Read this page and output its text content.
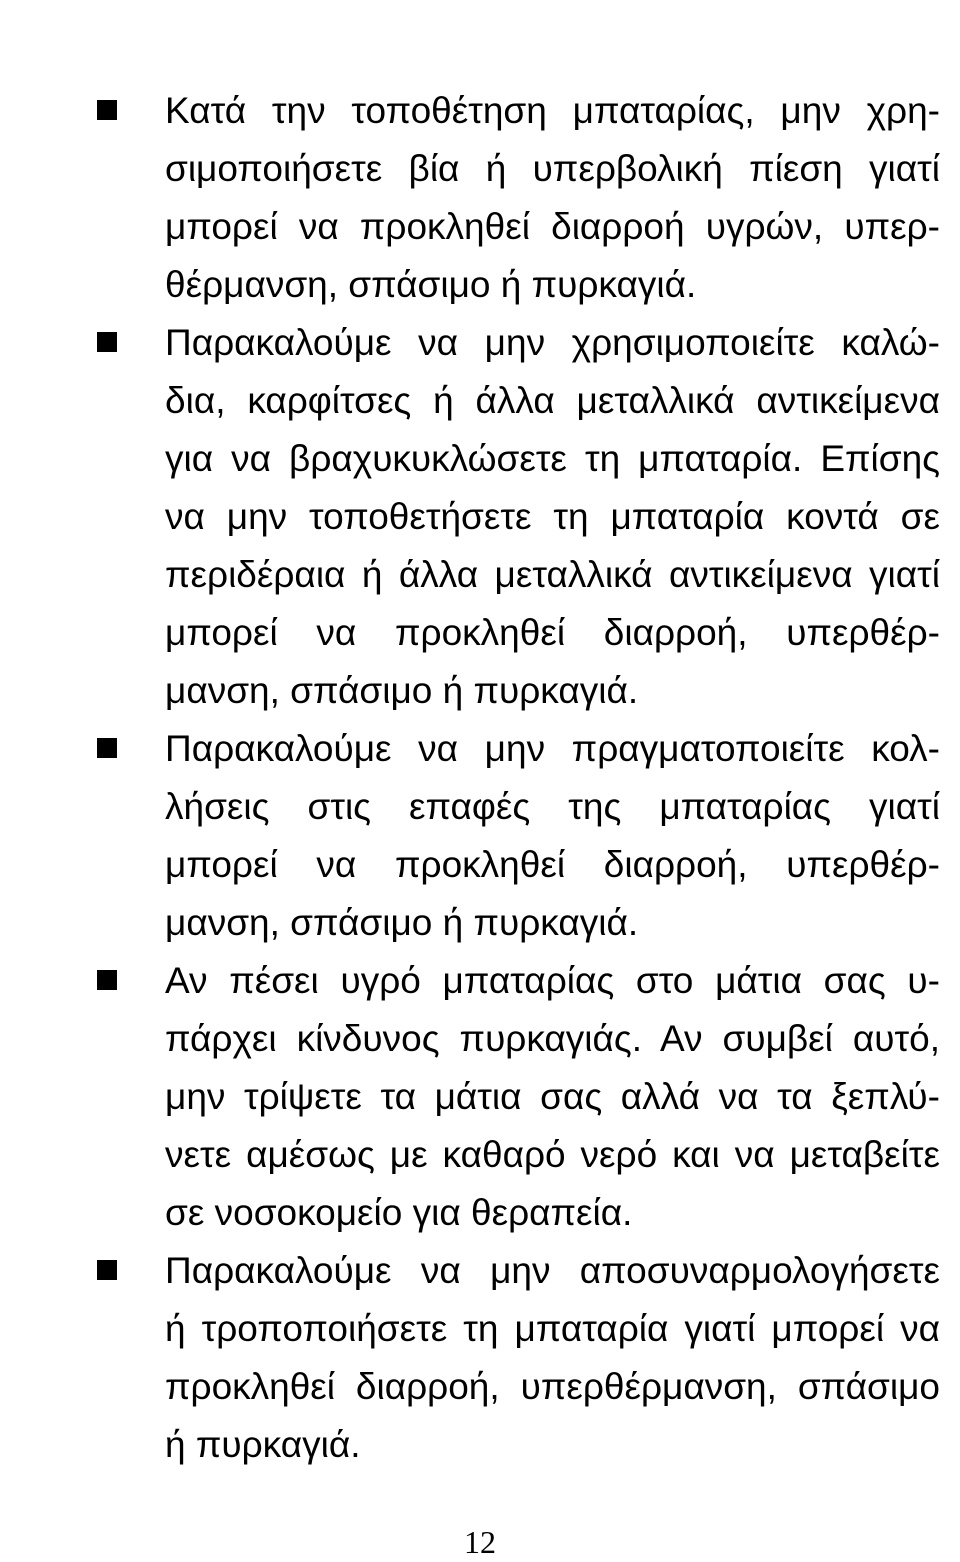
Κατά την τοποθέτηση μπαταρίας, μην χρη-
σιμοποιήσετε βία ή υπερβολική πίεση γιατί
μπορεί να προκληθεί διαρροή υγρών, υπερ-
θέρμανση, σπάσιμο ή πυρκαγιά.
Παρακαλούμε να μην χρησιμοποιείτε καλώ-
δια, καρφίτσες ή άλλα μεταλλικά αντικείμενα
για να βραχυκυκλώσετε τη μπαταρία. Επίσης
να μην τοποθετήσετε τη μπαταρία κοντά σε
περιδέραια ή άλλα μεταλλικά αντικείμενα γιατί
μπορεί να προκληθεί διαρροή, υπερθέρ-
μανση, σπάσιμο ή πυρκαγιά.
Παρακαλούμε να μην πραγματοποιείτε κολ-
λήσεις στις επαφές της μπαταρίας γιατί
μπορεί να προκληθεί διαρροή, υπερθέρ-
μανση, σπάσιμο ή πυρκαγιά.
Αν πέσει υγρό μπαταρίας στο μάτια σας υ-
πάρχει κίνδυνος πυρκαγιάς. Αν συμβεί αυτό,
μην τρίψετε τα μάτια σας αλλά να τα ξεπλύ-
νετε αμέσως με καθαρό νερό και να μεταβείτε
σε νοσοκομείο για θεραπεία.
Παρακαλούμε να μην αποσυναρμολογήσετε
ή τροποποιήσετε τη μπαταρία γιατί μπορεί να
προκληθεί διαρροή, υπερθέρμανση, σπάσιμο
ή πυρκαγιά.
12
